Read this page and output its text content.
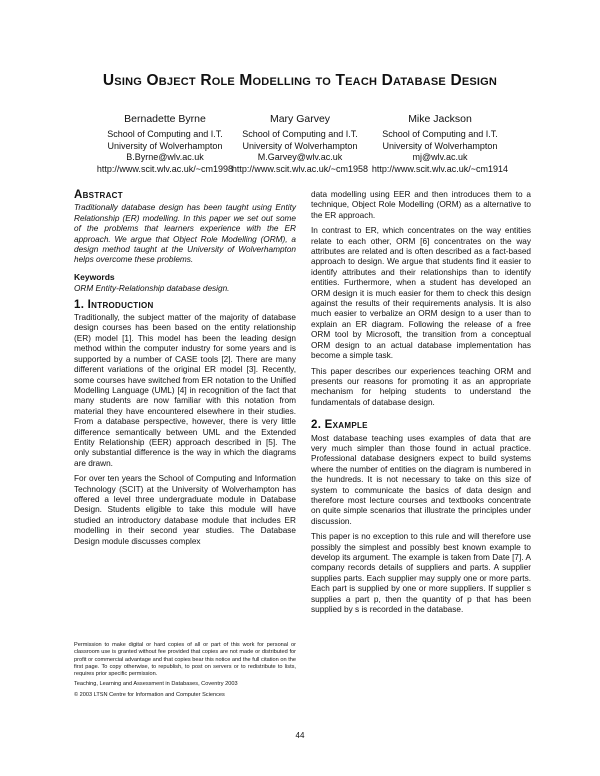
Using Object Role Modelling to Teach Database Design
Bernadette Byrne
School of Computing and I.T.
University of Wolverhampton
B.Byrne@wlv.ac.uk
http://www.scit.wlv.ac.uk/~cm1998
Mary Garvey
School of Computing and I.T.
University of Wolverhampton
M.Garvey@wlv.ac.uk
http://www.scit.wlv.ac.uk/~cm1958
Mike Jackson
School of Computing and I.T.
University of Wolverhampton
mj@wlv.ac.uk
http://www.scit.wlv.ac.uk/~cm1914
Abstract

Traditionally database design has been taught using Entity Relationship (ER) modelling. In this paper we set out some of the problems that learners experience with the ER approach. We argue that Object Role Modelling (ORM), a design method taught at the University of Wolverhampton helps overcome these problems.

Keywords

ORM Entity-Relationship database design.

1. Introduction

Traditionally, the subject matter of the majority of database design courses has been based on the entity relationship (ER) model [1]. This model has been the leading design method within the computer industry for some years and is supported by a number of CASE tools [2]. There are many different variations of the original ER model [3]. Recently, some courses have switched from ER notation to the Unified Modelling Language (UML) [4] in recognition of the fact that many students are now familiar with this notation from material they have encountered elsewhere in their studies. From a database perspective, however, there is very little difference semantically between UML and the Extended Entity Relationship (EER) approach described in [5]. The only substantial difference is the way in which the diagrams are drawn.

For over ten years the School of Computing and Information Technology (SCIT) at the University of Wolverhampton has offered a level three undergraduate module in Database Design. Students eligible to take this module will have studied an introductory database module that includes ER modelling in their second year studies. The Database Design module discusses complex

Permission to make digital or hard copies of all or part of this work for personal or classroom use is granted without fee provided that copies are not made or distributed for profit or commercial advantage and that copies bear this notice and the full citation on the first page. To copy otherwise, to republish, to post on servers or to redistribute to lists, requires prior specific permission.

Teaching, Learning and Assessment in Databases, Coventry 2003

© 2003 LTSN Centre for Information and Computer Sciences

data modelling using EER and then introduces them to a technique, Object Role Modelling (ORM) as a alternative to the ER approach.

In contrast to ER, which concentrates on the way entities relate to each other, ORM [6] concentrates on the way attributes are related and is often described as a fact-based approach to design. We argue that students find it easier to identify attributes and their relationships than to identify entities. Furthermore, when a student has developed an ORM design it is much easier for them to check this design against the results of their requirements analysis. It is also much easier to verbalize an ORM design to a user than to explain an ER diagram. Following the release of a free ORM tool by Microsoft, the transition from a conceptual ORM design to an actual database implementation has become a simple task.

This paper describes our experiences teaching ORM and presents our reasons for promoting it as an appropriate mechanism for helping students to understand the fundamentals of database design.

2. Example

Most database teaching uses examples of data that are very much simpler than those found in actual practice. Professional database designers expect to build systems where the number of entities on the diagram is numbered in the hundreds. It is not necessary to take on this size of system to communicate the basics of data design and therefore most lecture courses and textbooks concentrate on quite simple scenarios that illustrate the principles under discussion.

This paper is no exception to this rule and will therefore use possibly the simplest and possibly best known example to develop its argument. The example is taken from Date [7]. A company records details of suppliers and parts. A supplier supplies parts. Each supplier may supply one or more parts. Each part is supplied by one or more suppliers. If supplier s supplies a part p, then the quantity of p that has been supplied by s is recorded in the database.

44
